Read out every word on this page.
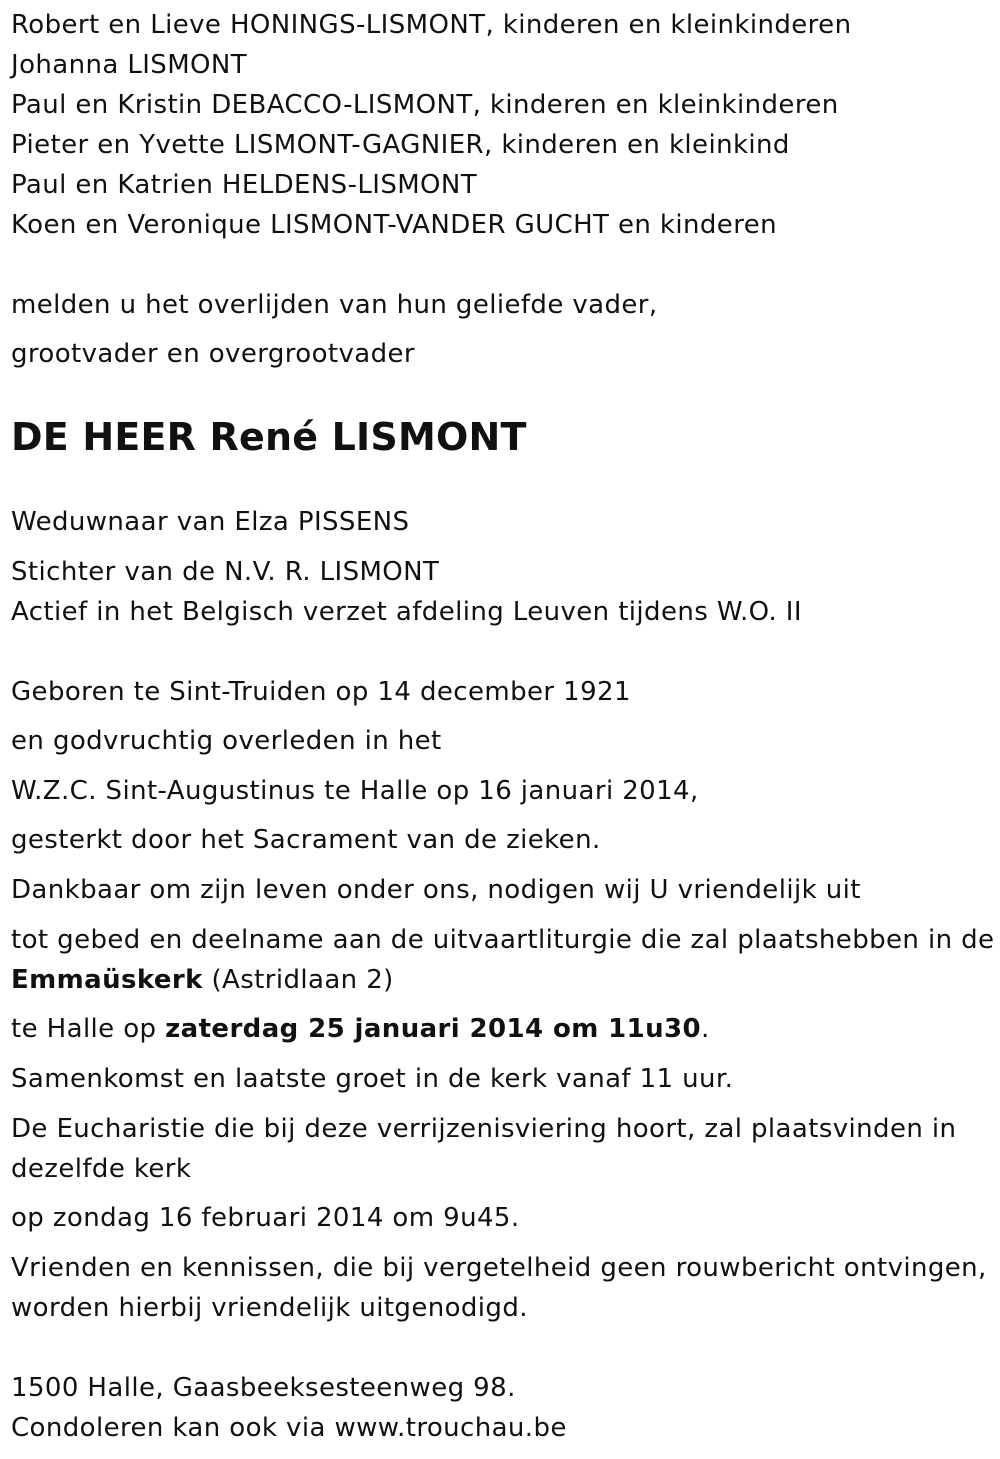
Robert en Lieve HONINGS-LISMONT, kinderen en kleinkinderen

Johanna LISMONT

Paul en Kristin DEBACCO-LISMONT, kinderen en kleinkinderen

Pieter en Yvette LISMONT-GAGNIER, kinderen en kleinkind

Paul en Katrien HELDENS-LISMONT

Koen en Veronique LISMONT-VANDER GUCHT en kinderen

melden u het overlijden van hun geliefde vader,

grootvader en overgrootvader

DE HEER René LISMONT

Weduwnaar van Elza PISSENS

Stichter van de N.V. R. LISMONT

Actief in het Belgisch verzet afdeling Leuven tijdens W.O. II

Geboren te Sint-Truiden op 14 december 1921

en godvruchtig overleden in het

W.Z.C. Sint-Augustinus te Halle op 16 januari 2014,

gesterkt door het Sacrament van de zieken.

Dankbaar om zijn leven onder ons, nodigen wij U vriendelijk uit

tot gebed en deelname aan de uitvaartliturgie die zal plaatshebben in de

Emmaüskerk (Astridlaan 2)

te Halle op zaterdag 25 januari 2014 om 11u30.

Samenkomst en laatste groet in de kerk vanaf 11 uur.

De Eucharistie die bij deze verrijzenisviering hoort, zal plaatsvinden in

dezelfde kerk

op zondag 16 februari 2014 om 9u45.

Vrienden en kennissen, die bij vergetelheid geen rouwbericht ontvingen,

worden hierbij vriendelijk uitgenodigd.

1500 Halle, Gaasbeeksesteenweg 98.

Condoleren kan ook via www.trouchau.be
